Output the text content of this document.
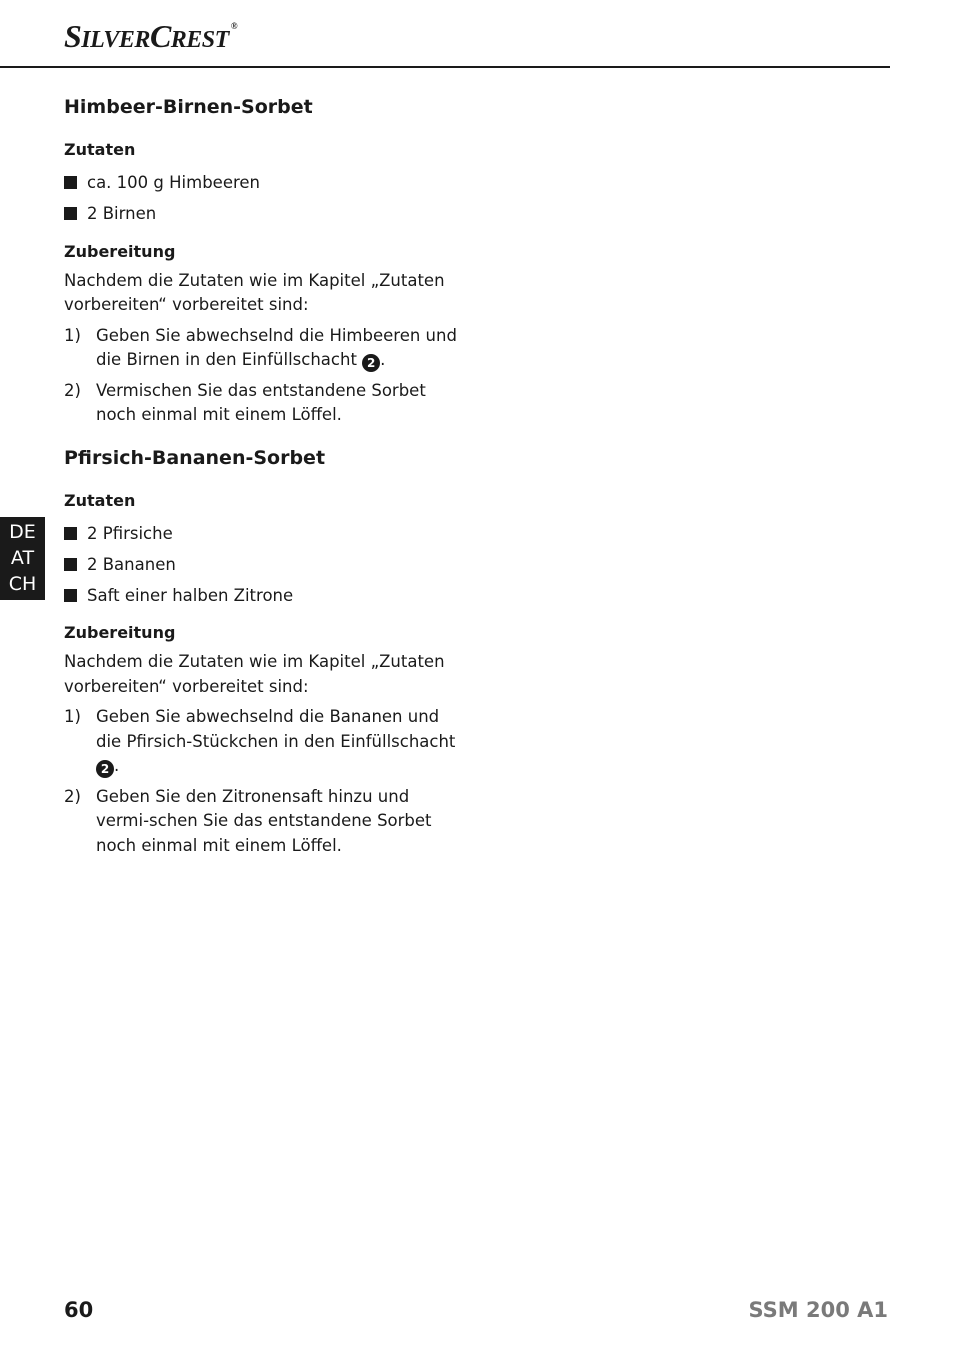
SILVERCREST®
Himbeer-Birnen-Sorbet
Zutaten
ca. 100 g Himbeeren
2 Birnen
Zubereitung

Nachdem die Zutaten wie im Kapitel „Zutaten vorbereiten“ vorbereitet sind:

1) Geben Sie abwechselnd die Himbeeren und die Birnen in den Einfüllschacht 2 .
2) Vermischen Sie das entstandene Sorbet noch einmal mit einem Löffel.
Pfirsich-Bananen-Sorbet
Zutaten
2 Pfirsiche
2 Bananen
Saft einer halben Zitrone
Zubereitung

Nachdem die Zutaten wie im Kapitel „Zutaten vorbereiten“ vorbereitet sind:

1) Geben Sie abwechselnd die Bananen und die Pfirsich-Stückchen in den Einfüllschacht 2 .
2) Geben Sie den Zitronensaft hinzu und vermi-schen Sie das entstandene Sorbet noch einmal mit einem Löffel.
DE
AT
CH
60	SSM 200 A1
